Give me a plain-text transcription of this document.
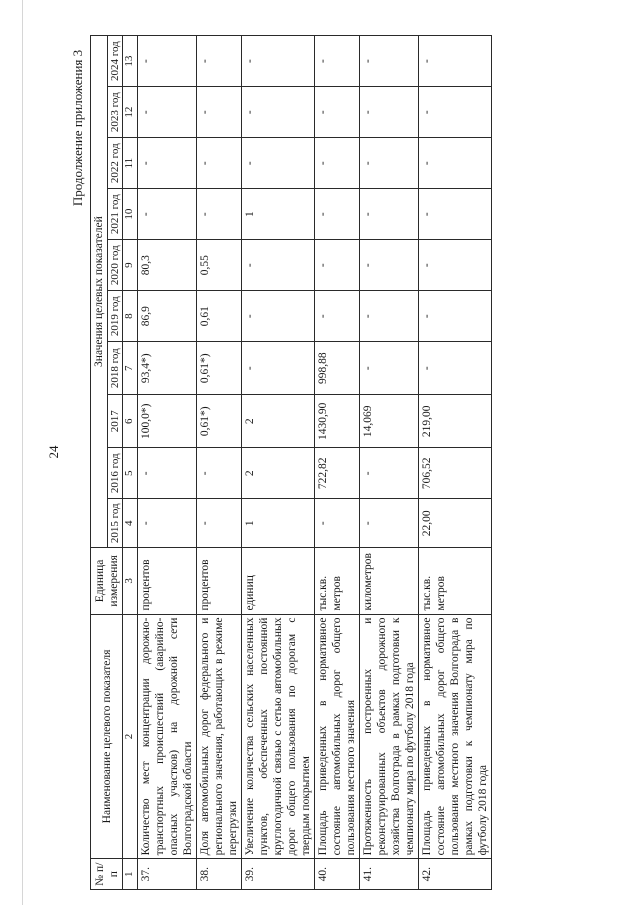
24
Продолжение приложения 3
№ п/п	Наименование целевого показателя	Единица измерения	Значения целевых показателей									
			2015 год	2016 год	2017	2018 год	2019 год	2020 год	2021 год	2022 год	2023 год	2024 год
1	2	3	4	5	6	7	8	9	10	11	12	13
37.	Количество мест концентрации дорожно-транспортных происшествий (аварийно-опасных участков) на дорожной сети Волгоградской области	процентов	-	-	100,0*)	93,4*)	86,9	80,3	-	-	-	-
38.	Доля автомобильных дорог федерального и регионального значения, работающих в режиме перегрузки	процентов	-	-	0,61*)	0,61*)	0,61	0,55	-	-	-	-
39.	Увеличение количества сельских населенных пунктов, обеспеченных постоянной круглогодичной связью с сетью автомобильных дорог общего пользования по дорогам с твердым покрытием	единиц	1	2	2	-	-	-	1	-	-	-
40.	Площадь приведенных в нормативное состояние автомобильных дорог общего пользования местного значения	тыс.кв. метров	-	722,82	1430,90	998,88	-	-	-	-	-	-
41.	Протяженность построенных и реконструированных объектов дорожного хозяйства Волгограда в рамках подготовки к чемпионату мира по футболу 2018 года	километров	-	-	14,069	-	-	-	-	-	-	-
42.	Площадь приведенных в нормативное состояние автомобильных дорог общего пользования местного значения Волгограда в рамках подготовки к чемпионату мира по футболу 2018 года	тыс.кв. метров	22,00	706,52	219,00	-	-	-	-	-	-	-
